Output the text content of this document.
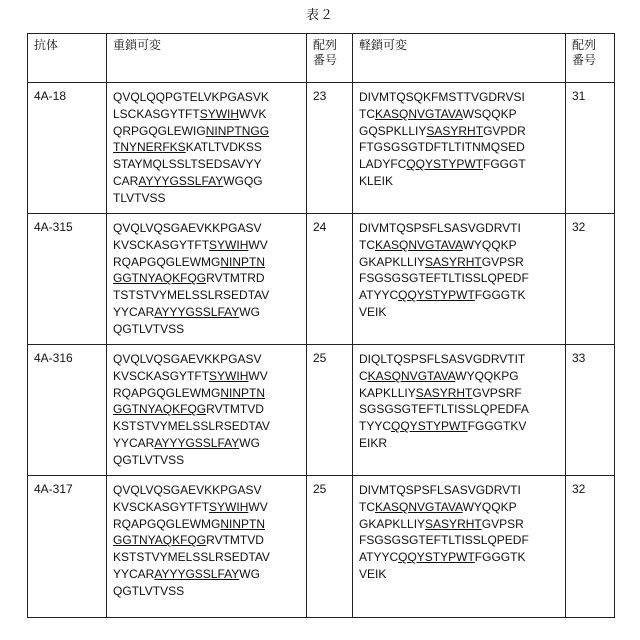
表２
抗体	重鎖可変	配列
番号

軽鎖可変	配列
番号

4A-18	QVQLQQPGTELVKPGASVK
LSCKASGYTFTSYWIHWVK
QRPGQGLEWIGNINPTNGG
TNYNERFKSKATLTVDKSS
STAYMQLSSLTSEDSAVYY
CARAYYYGSSLFAYWGQG
TLVTVSS

23	DIVMTQSQKFMSTTVGDRVSI
TCKASQNVGTAVAWSQQKP
GQSPKLLIYSASYRHTGVPDR
FTGSGSGTDFTLTITNMQSED
LADYFCQQYSTYPWTFGGGT
KLEIK

31

4A-315	QVQLVQSGAEVKKPGASV
KVSCKASGYTFTSYWIHWV
RQAPGQGLEWMGNINPTN
GGTNYAQKFQGRVTMTRD
TSTSTVYMELSSLRSEDTAV
YYCARAYYYGSSLFAYWG
QGTLVTVSS

24	DIVMTQSPSFLSASVGDRVTI
TCKASQNVGTAVAWYQQKP
GKAPKLLIYSASYRHTGVPSR
FSGSGSGTEFTLTISSLQPEDF
ATYYCQQYSTYPWTFGGGTK
VEIK

32

4A-316	QVQLVQSGAEVKKPGASV
KVSCKASGYTFTSYWIHWV
RQAPGQGLEWMGNINPTN
GGTNYAQKFQGRVTMTVD
KSTSTVYMELSSLRSEDTAV
YYCARAYYYGSSLFAYWG
QGTLVTVSS

25	DIQLTQSPSFLSASVGDRVTIT
CKASQNVGTAVAWYQQKPG
KAPKLLIYSASYRHTGVPSRF
SGSGSGTEFTLTISSLQPEDFA
TYYCQQYSTYPWTFGGGTKV
EIKR

33

4A-317	QVQLVQSGAEVKKPGASV
KVSCKASGYTFTSYWIHWV
RQAPGQGLEWMGNINPTN
GGTNYAQKFQGRVTMTVD
KSTSTVYMELSSLRSEDTAV
YYCARAYYYGSSLFAYWG
QGTLVTVSS

25	DIVMTQSPSFLSASVGDRVTI
TCKASQNVGTAVAWYQQKP
GKAPKLLIYSASYRHTGVPSR
FSGSGSGTEFTLTISSLQPEDF
ATYYCQQYSTYPWTFGGGTK
VEIK

32
